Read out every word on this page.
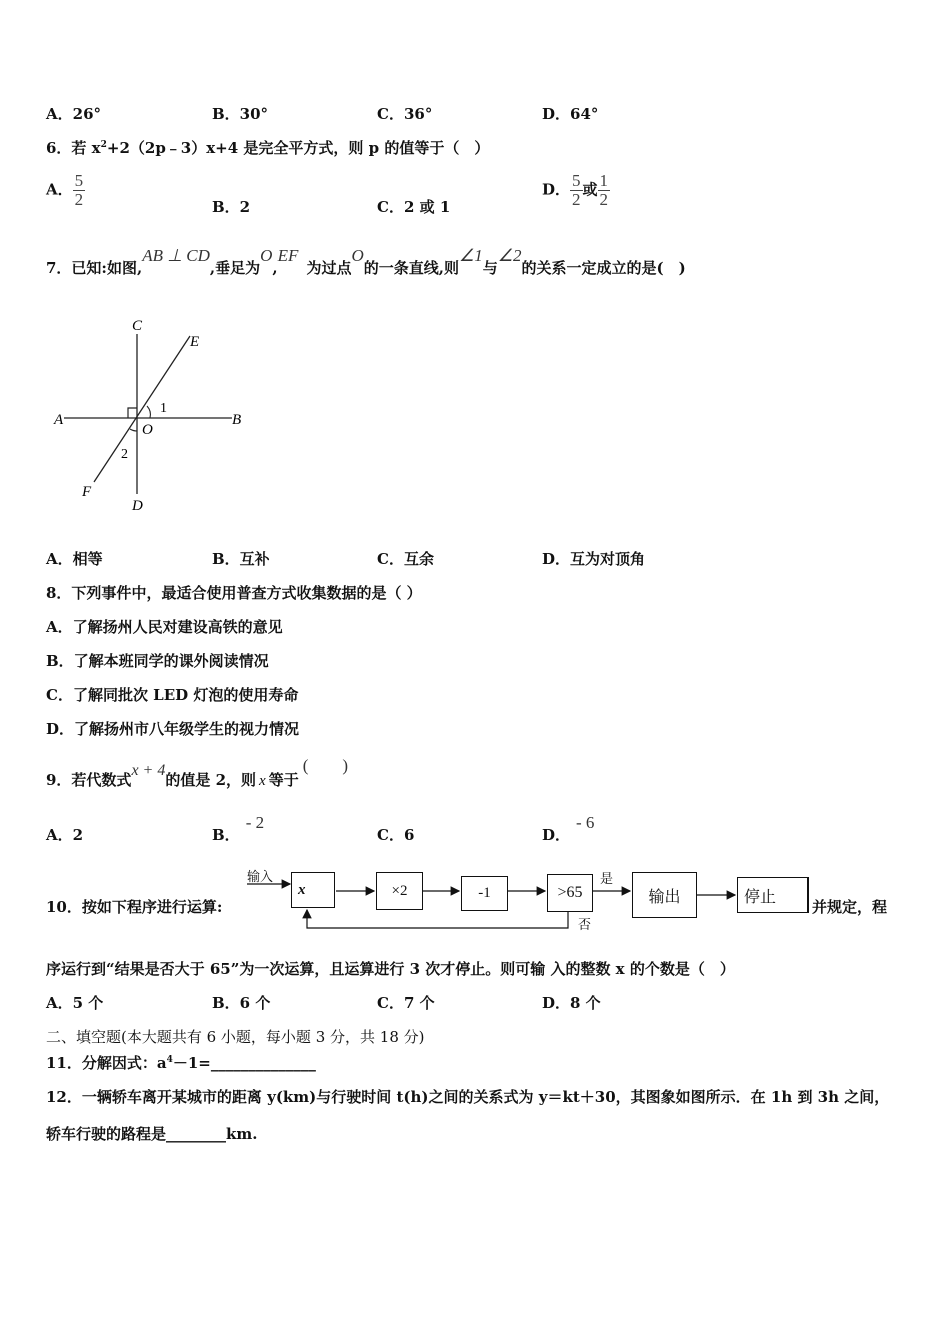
A．26°	B．30°	C．36°	D．64°
6．若 $x^2+2(2p﹣3)x+4$ 是完全平方式，则 p 的值等于（　）
A． $\frac{5}{2}$	B．2	C．2 或 1
D． $\frac{5}{2}$ 或 $\frac{1}{2}$
7．已知:如图,AB ⊥ CD,垂足为O,EF为过点O的一条直线,则∠1与∠2的关系一定成立的是(　)
C
E
A
O
B
1
2
F
D
A．相等	B．互补	C．互余	D．互为对顶角
8．下列事件中，最适合使用普查方式收集数据的是（ ）
A．了解扬州人民对建设高铁的意见
B．了解本班同学的课外阅读情况
C．了解同批次 LED 灯泡的使用寿命
D．了解扬州市八年级学生的视力情况
9．若代数式x + 4的值是 2，则 x 等于(　　)
A．2	B．- 2
C．6	D．- 6
10．按如下程序进行运算:
输入
x	×2	-1	>65
是
否
输出	停止
并规定，程
序运行到“结果是否大于 65”为一次运算，且运算进行 3 次才停止。则可输 入的整数 x 的个数是（　）
A．5 个	B．6 个	C．7 个	D．8 个
二、填空题(本大题共有 6 小题，每小题 3 分，共 18 分)
11．分解因式：$a^4-1=\_\_\_\_\_\_\_\_\_\_\_\_\_\_$
12．一辆轿车离开某城市的距离 y(km)与行驶时间 t(h)之间的关系式为 y＝kt＋30，其图象如图所示．在 1h 到 3h 之间，
轿车行驶的路程是________km.
